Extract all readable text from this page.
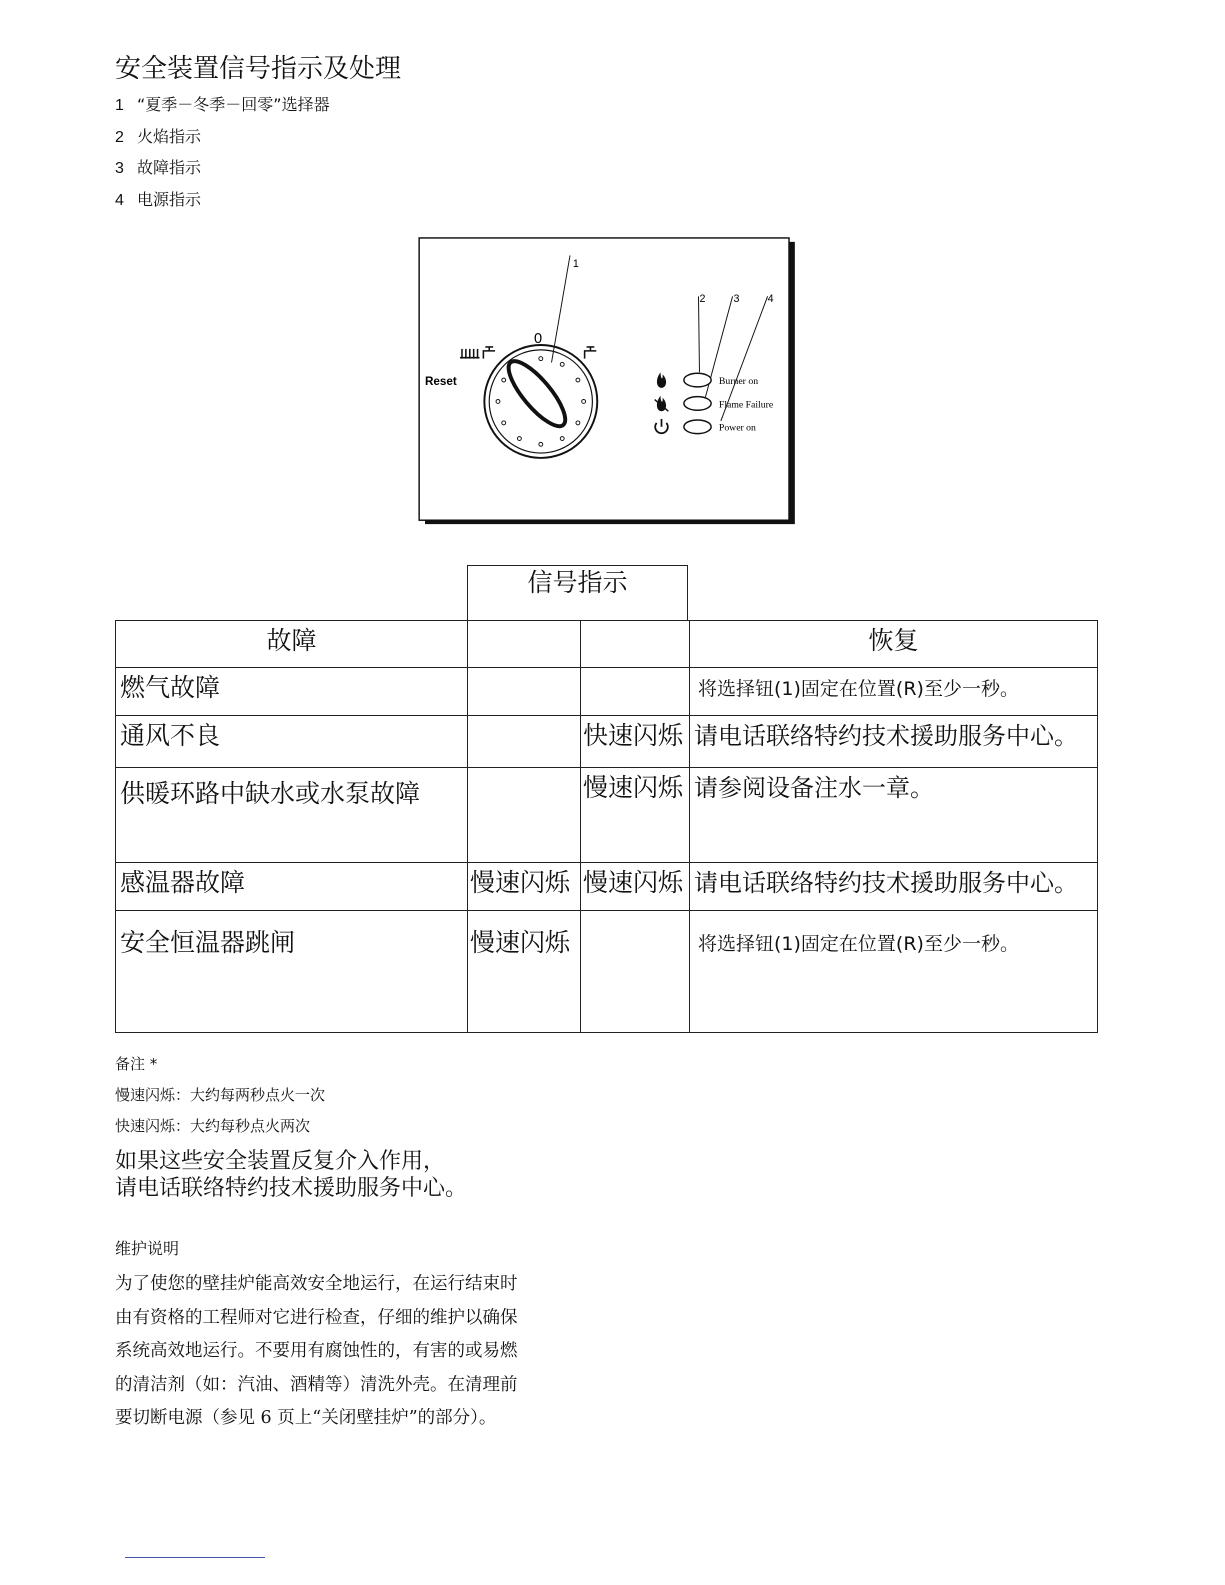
安全装置信号指示及处理
1 “夏季－冬季－回零”选择器
2 火焰指示
3 故障指示
4 电源指示
1
2	3	4
0
Reset	Burner on
Flame Failure
Power on
信号指示
故障			恢复
燃气故障			将选择钮(1)固定在位置(R)至少一秒。
通风不良		快速闪烁	请电话联络特约技术援助服务中心。
供暖环路中缺水或水泵故障		慢速闪烁	请参阅设备注水一章。
感温器故障	慢速闪烁	慢速闪烁	请电话联络特约技术援助服务中心。
安全恒温器跳闸	慢速闪烁		将选择钮(1)固定在位置(R)至少一秒。
备注 *
慢速闪烁：大约每两秒点火一次
快速闪烁：大约每秒点火两次
如果这些安全装置反复介入作用，
请电话联络特约技术援助服务中心。
维护说明
为了使您的壁挂炉能高效安全地运行，在运行结束时
由有资格的工程师对它进行检查，仔细的维护以确保
系统高效地运行。不要用有腐蚀性的，有害的或易燃
的清洁剂（如：汽油、酒精等）清洗外壳。在清理前
要切断电源（参见 6 页上“关闭壁挂炉”的部分）。
